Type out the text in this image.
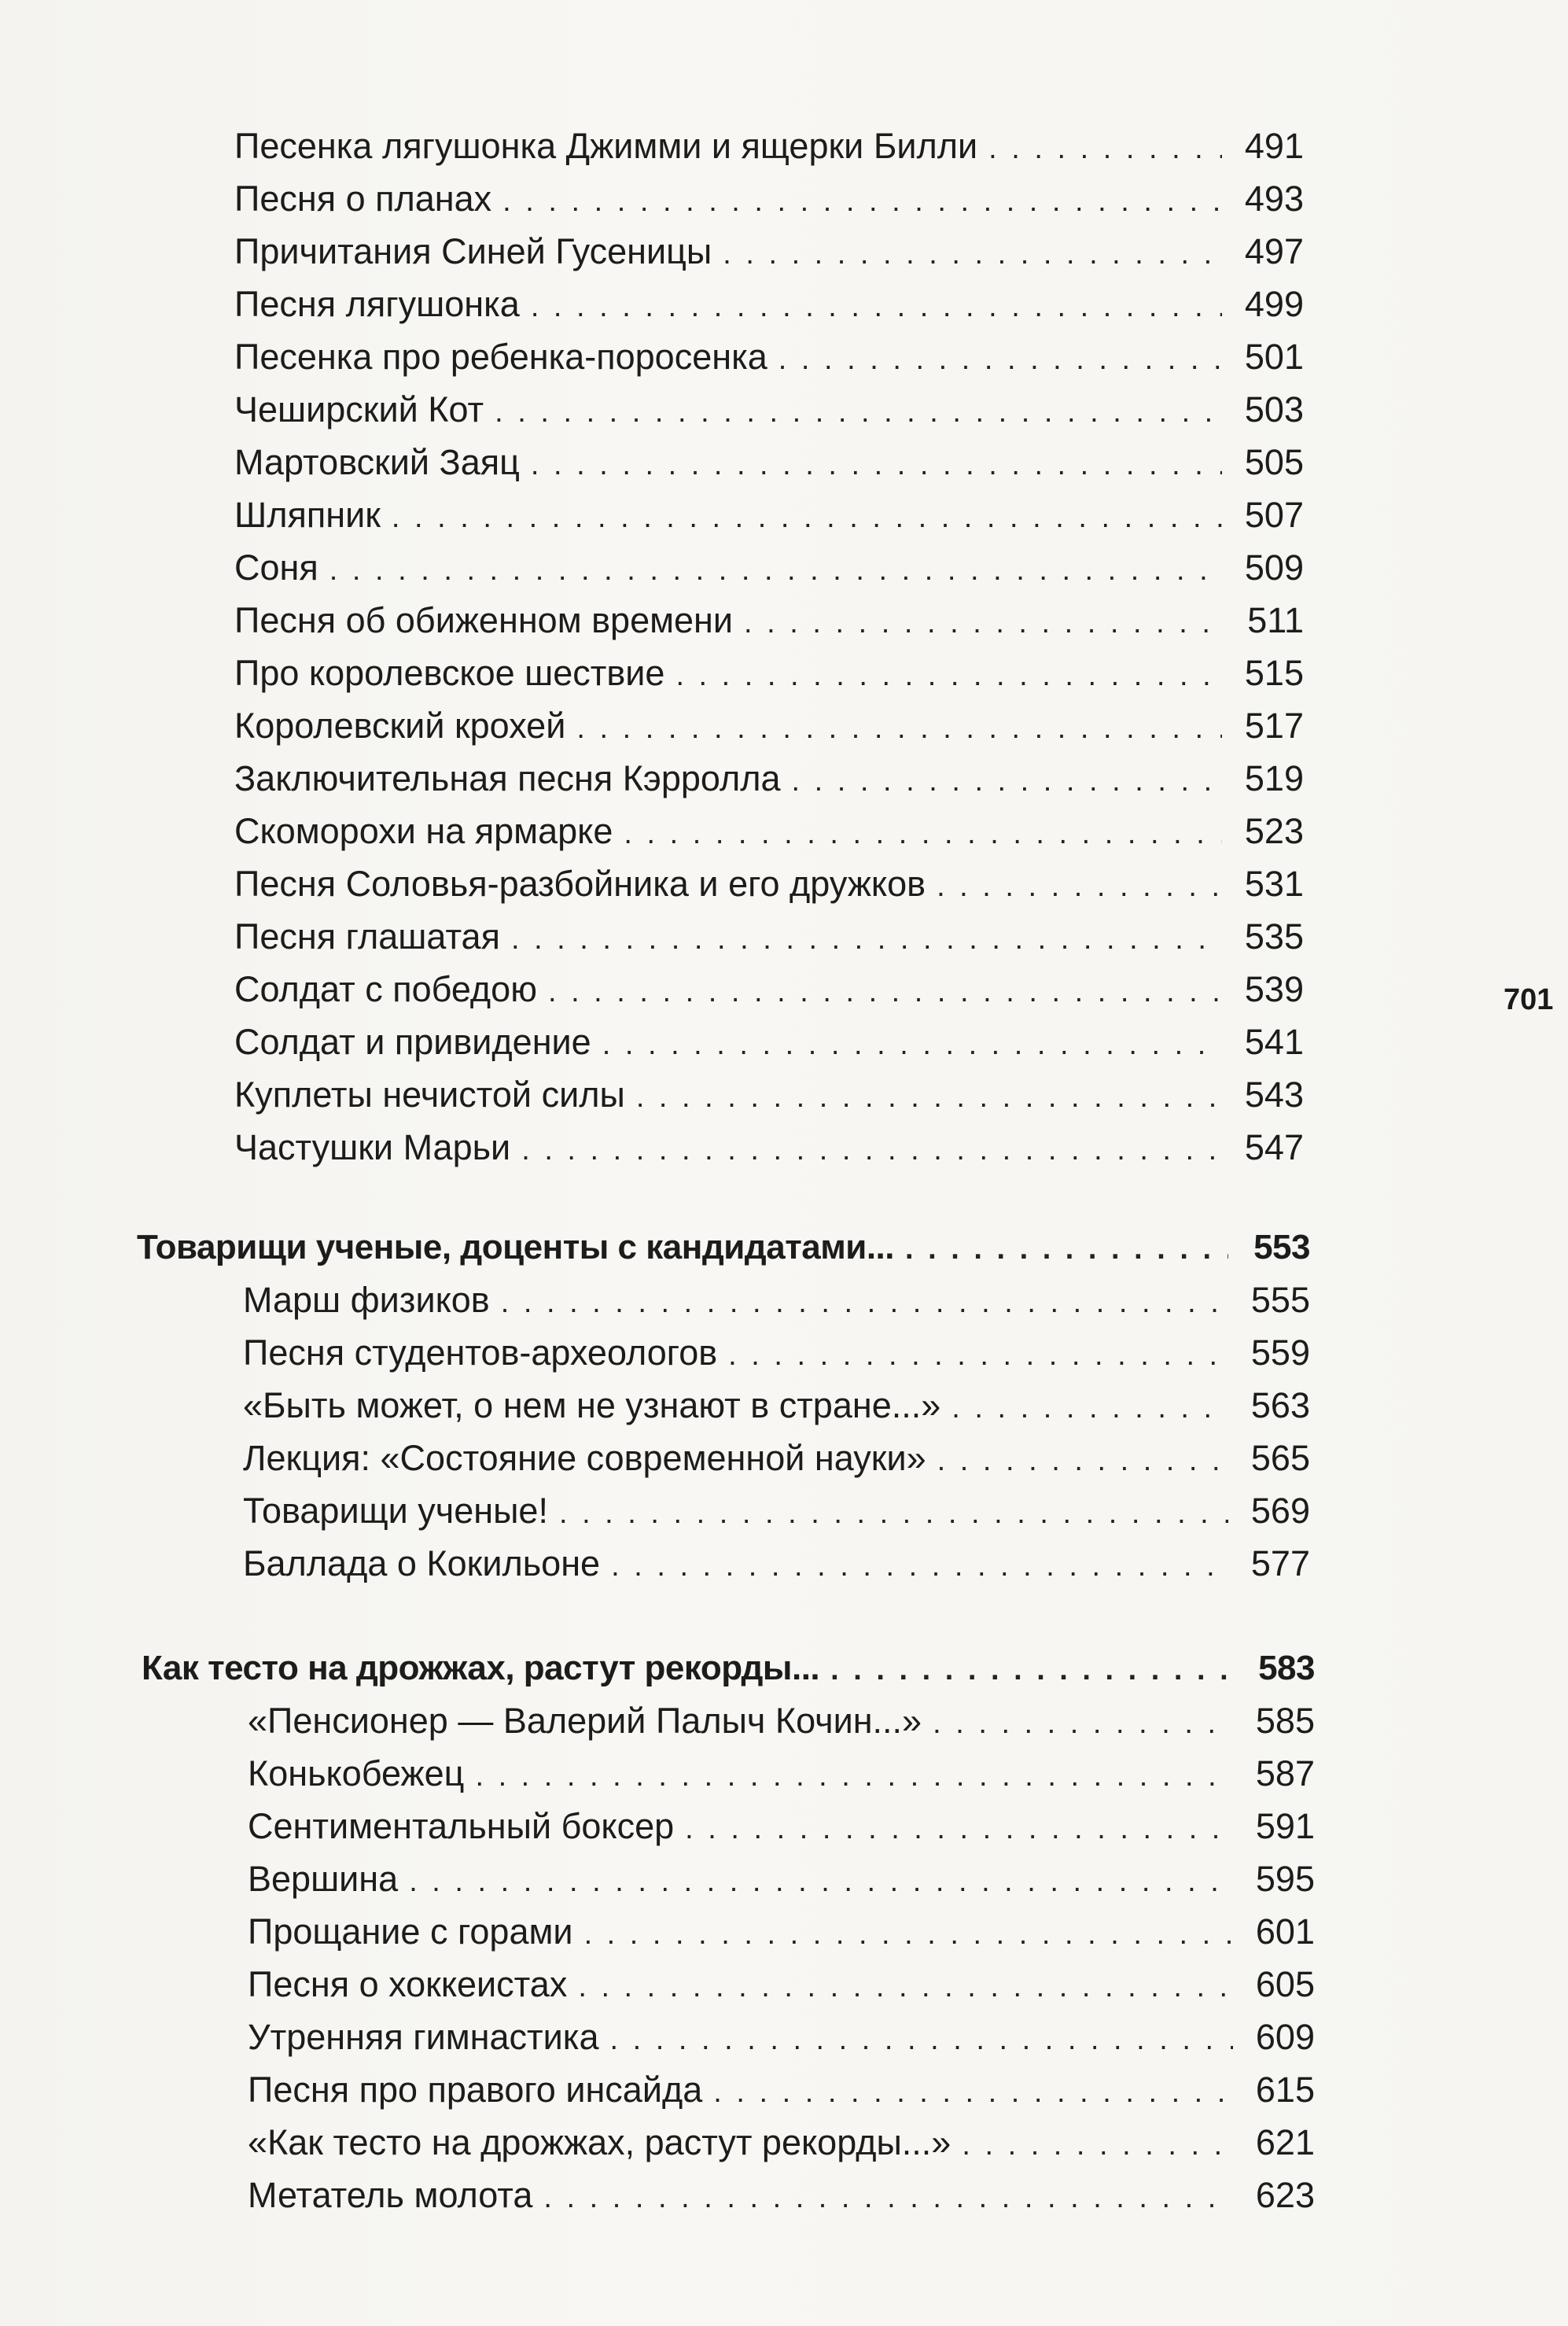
Песенка лягушонка Джимми и ящерки Билли . . .	491
Песня о планах . . .	493
Причитания Синей Гусеницы . . .	497
Песня лягушонка . . .	499
Песенка про ребенка-поросенка . . .	501
Чеширский Кот . . .	503
Мартовский Заяц . . .	505
Шляпник . . .	507
Соня . . .	509
Песня об обиженном времени . . .	511
Про королевское шествие . . .	515
Королевский крохей . . .	517
Заключительная песня Кэрролла . . .	519
Скоморохи на ярмарке . . .	523
Песня Соловья-разбойника и его дружков . . .	531
Песня глашатая . . .	535
Солдат с победою . . .	539
Солдат и привидение . . .	541
Куплеты нечистой силы . . .	543
Частушки Марьи . . .	547
Товарищи ученые, доценты с кандидатами... . . .	553
Марш физиков . . .	555
Песня студентов-археологов . . .	559
«Быть может, о нем не узнают в стране...» . . .	563
Лекция: «Состояние современной науки» . . .	565
Товарищи ученые! . . .	569
Баллада о Кокильоне . . .	577
Как тесто на дрожжах, растут рекорды... . . .	583
«Пенсионер — Валерий Палыч Кочин...» . . .	585
Конькобежец . . .	587
Сентиментальный боксер . . .	591
Вершина . . .	595
Прощание с горами . . .	601
Песня о хоккеистах . . .	605
Утренняя гимнастика . . .	609
Песня про правого инсайда . . .	615
«Как тесто на дрожжах, растут рекорды...» . . .	621
Метатель молота . . .	623
701
